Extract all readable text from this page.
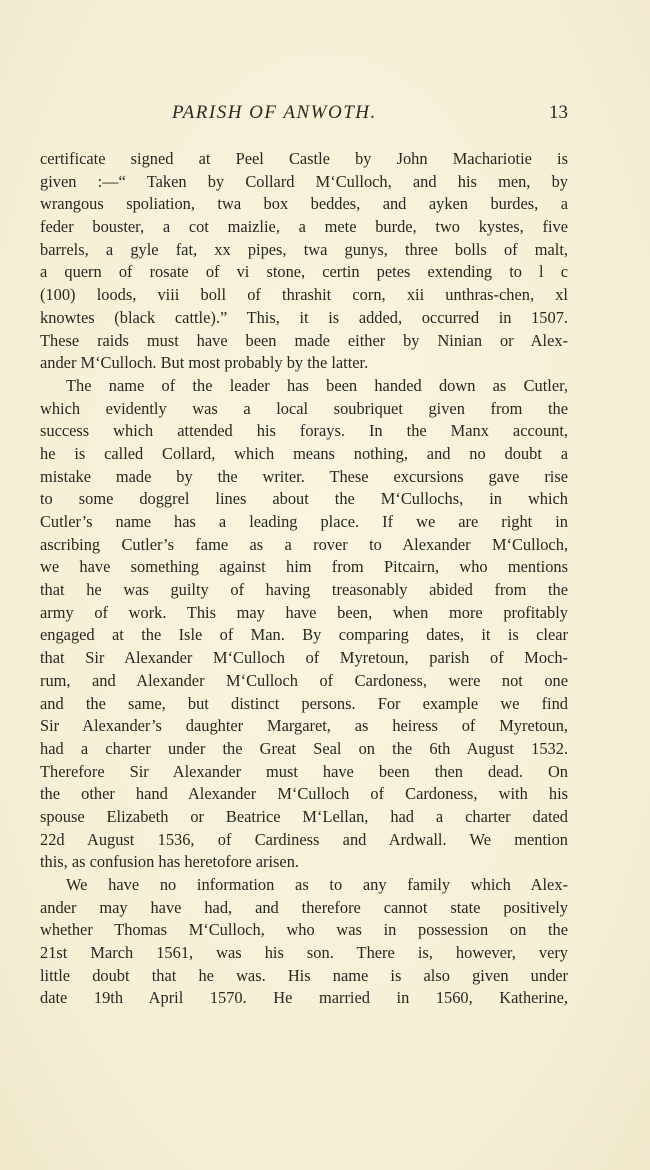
PARISH OF ANWOTH.	13
certificate signed at Peel Castle by John Machariotie is
given :—“ Taken by Collard M‘Culloch, and his men, by
wrangous spoliation, twa box beddes, and ayken burdes, a
feder bouster, a cot maizlie, a mete burde, two kystes, five
barrels, a gyle fat, xx pipes, twa gunys, three bolls of malt,
a quern of rosate of vi stone, certin petes extending to l c
(100) loods, viii boll of thrashit corn, xii unthras-chen, xl
knowtes (black cattle).” This, it is added, occurred in 1507.
These raids must have been made either by Ninian or Alex-
ander M‘Culloch. But most probably by the latter.
The name of the leader has been handed down as Cutler,
which evidently was a local soubriquet given from the
success which attended his forays. In the Manx account,
he is called Collard, which means nothing, and no doubt a
mistake made by the writer. These excursions gave rise
to some doggrel lines about the M‘Cullochs, in which
Cutler’s name has a leading place. If we are right in
ascribing Cutler’s fame as a rover to Alexander M‘Culloch,
we have something against him from Pitcairn, who mentions
that he was guilty of having treasonably abided from the
army of work. This may have been, when more profitably
engaged at the Isle of Man. By comparing dates, it is clear
that Sir Alexander M‘Culloch of Myretoun, parish of Moch-
rum, and Alexander M‘Culloch of Cardoness, were not one
and the same, but distinct persons. For example we find
Sir Alexander’s daughter Margaret, as heiress of Myretoun,
had a charter under the Great Seal on the 6th August 1532.
Therefore Sir Alexander must have been then dead. On
the other hand Alexander M‘Culloch of Cardoness, with his
spouse Elizabeth or Beatrice M‘Lellan, had a charter dated
22d August 1536, of Cardiness and Ardwall. We mention
this, as confusion has heretofore arisen.
We have no information as to any family which Alex-
ander may have had, and therefore cannot state positively
whether Thomas M‘Culloch, who was in possession on the
21st March 1561, was his son. There is, however, very
little doubt that he was. His name is also given under
date 19th April 1570. He married in 1560, Katherine,
